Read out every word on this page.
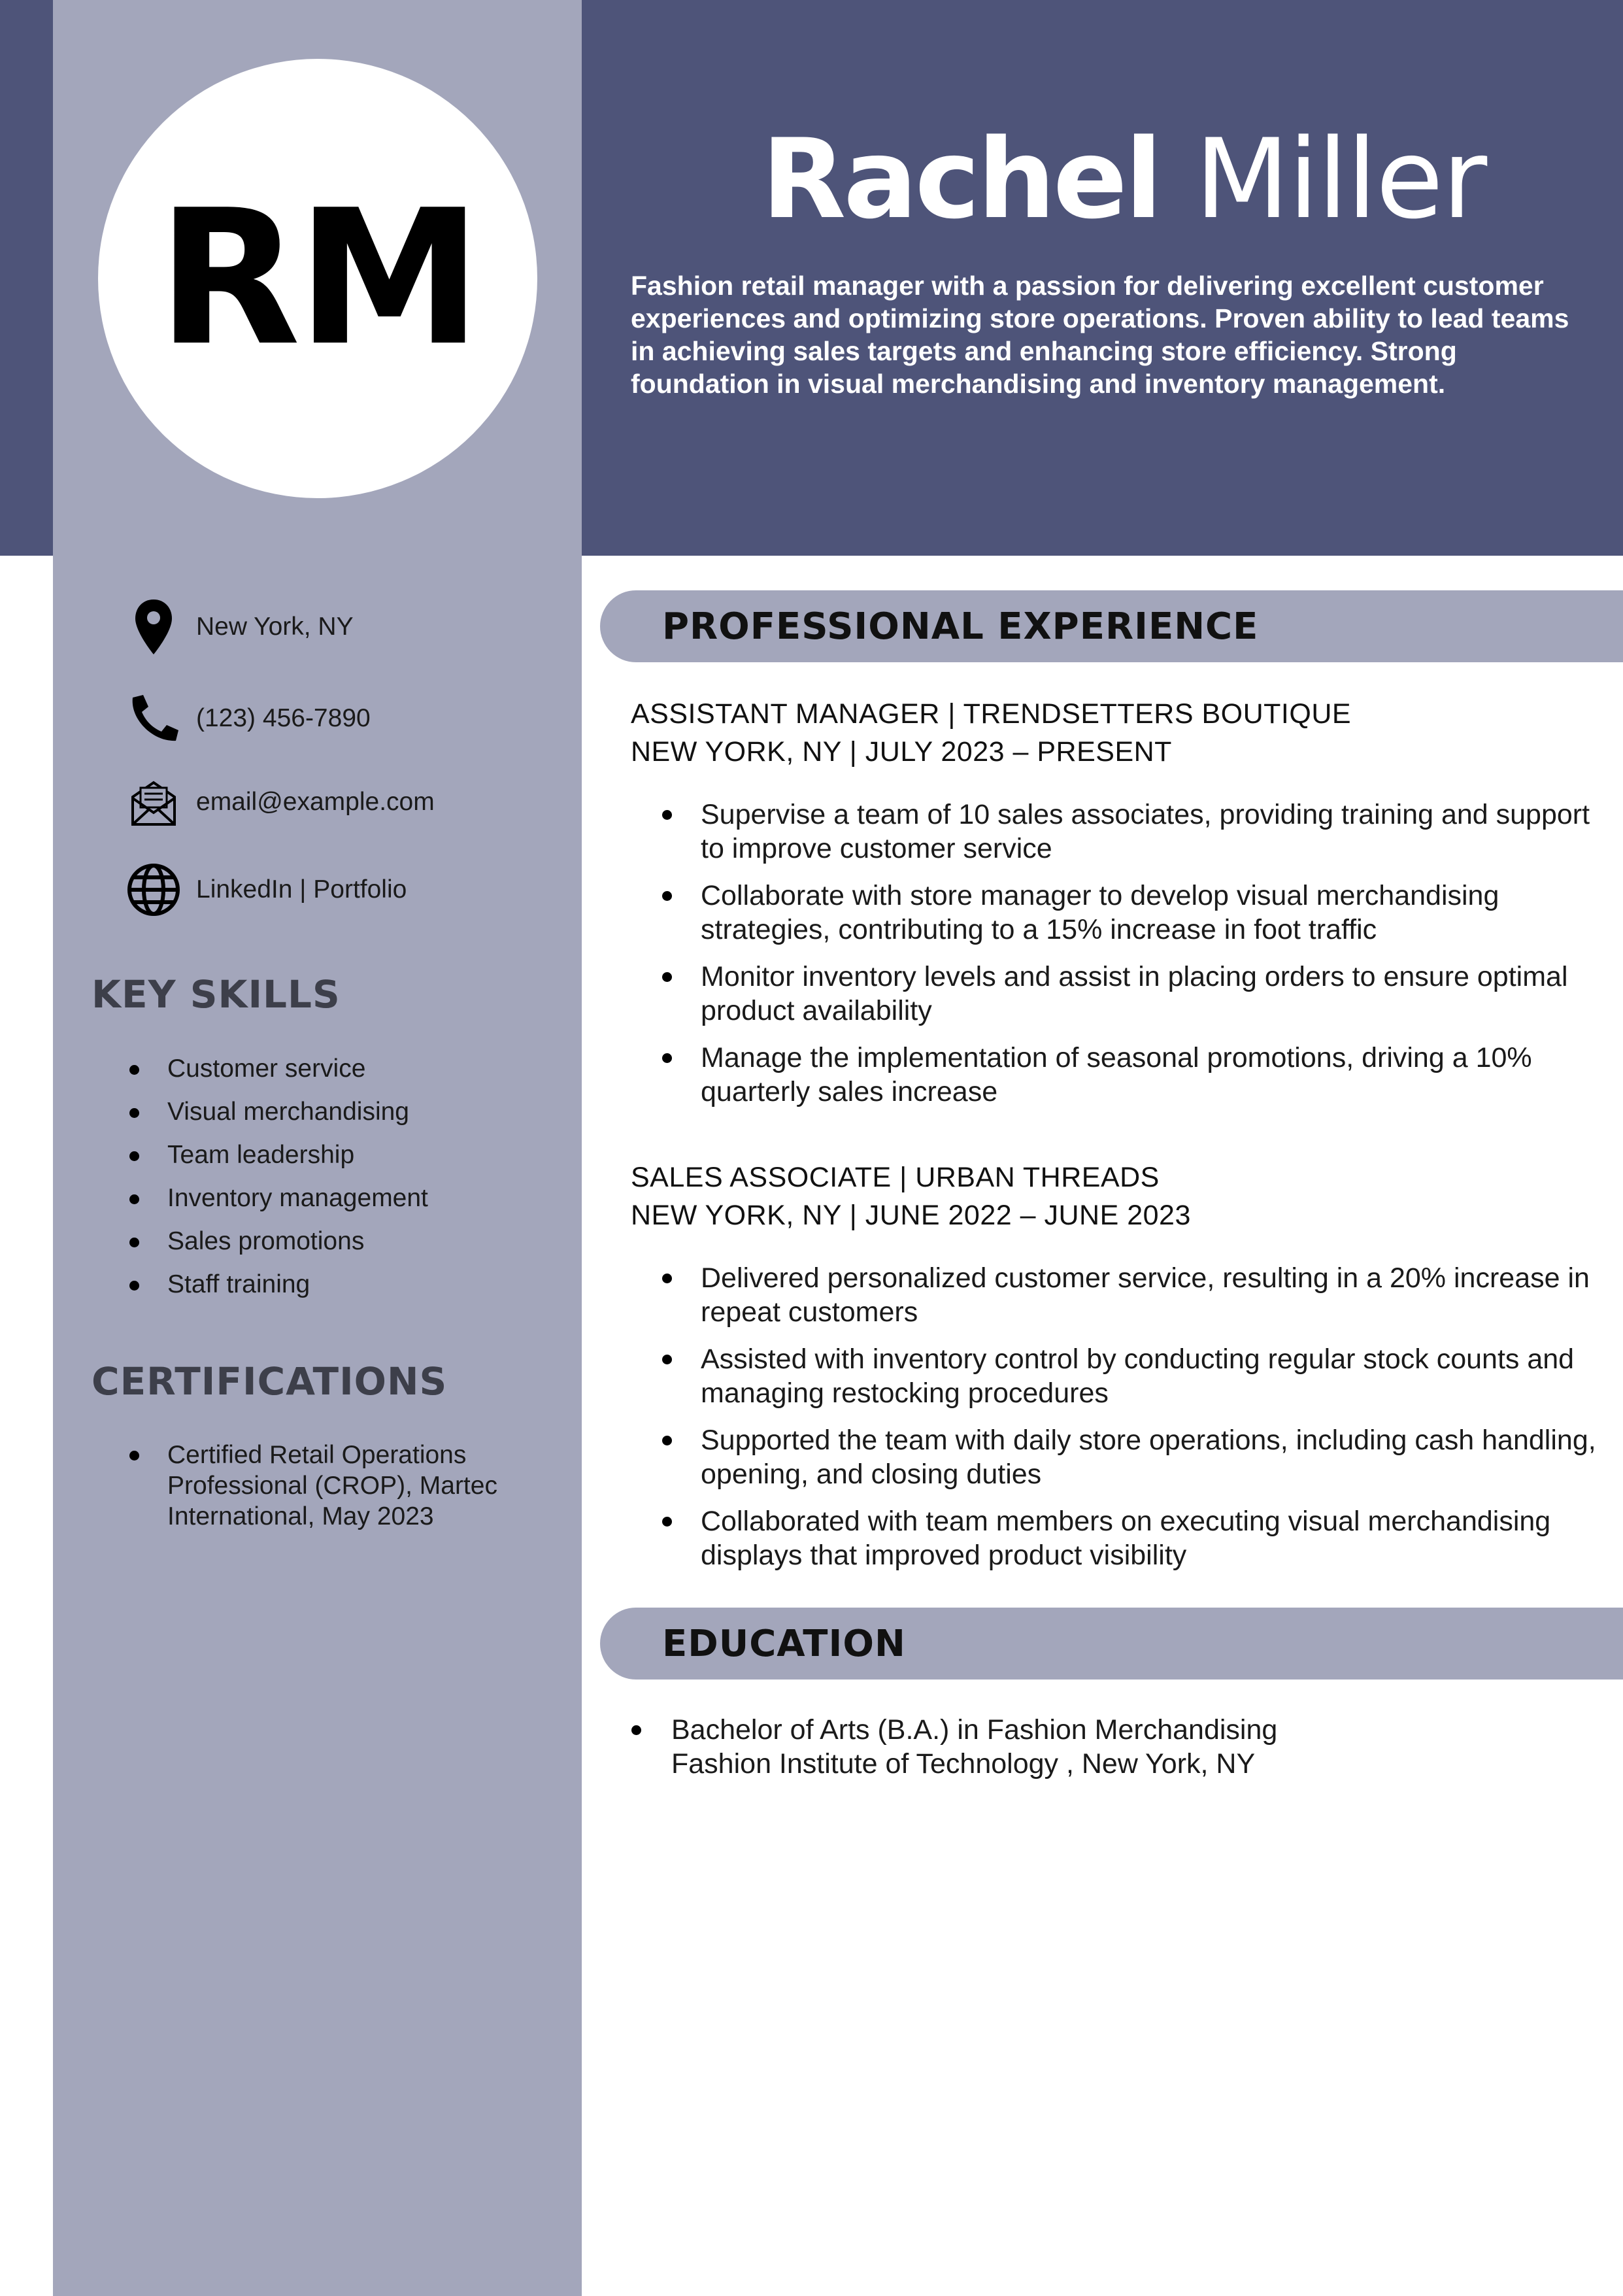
RM	Rachel Miller
Fashion retail manager with a passion for delivering excellent customer experiences and optimizing store operations. Proven ability to lead teams in achieving sales targets and enhancing store efficiency. Strong foundation in visual merchandising and inventory management.
New York, NY
(123) 456-7890
email@example.com
LinkedIn | Portfolio
KEY SKILLS
Customer service
Visual merchandising
Team leadership
Inventory management
Sales promotions
Staff training
CERTIFICATIONS
Certified Retail Operations Professional (CROP), Martec International, May 2023
PROFESSIONAL EXPERIENCE
ASSISTANT MANAGER | TRENDSETTERS BOUTIQUE
NEW YORK, NY | JULY 2023 – PRESENT
Supervise a team of 10 sales associates, providing training and support to improve customer service
Collaborate with store manager to develop visual merchandising strategies, contributing to a 15% increase in foot traffic
Monitor inventory levels and assist in placing orders to ensure optimal product availability
Manage the implementation of seasonal promotions, driving a 10% quarterly sales increase
SALES ASSOCIATE | URBAN THREADS
NEW YORK, NY | JUNE 2022 – JUNE 2023
Delivered personalized customer service, resulting in a 20% increase in repeat customers
Assisted with inventory control by conducting regular stock counts and managing restocking procedures
Supported the team with daily store operations, including cash handling, opening, and closing duties
Collaborated with team members on executing visual merchandising displays that improved product visibility
EDUCATION
Bachelor of Arts (B.A.) in Fashion Merchandising
Fashion Institute of Technology , New York, NY
